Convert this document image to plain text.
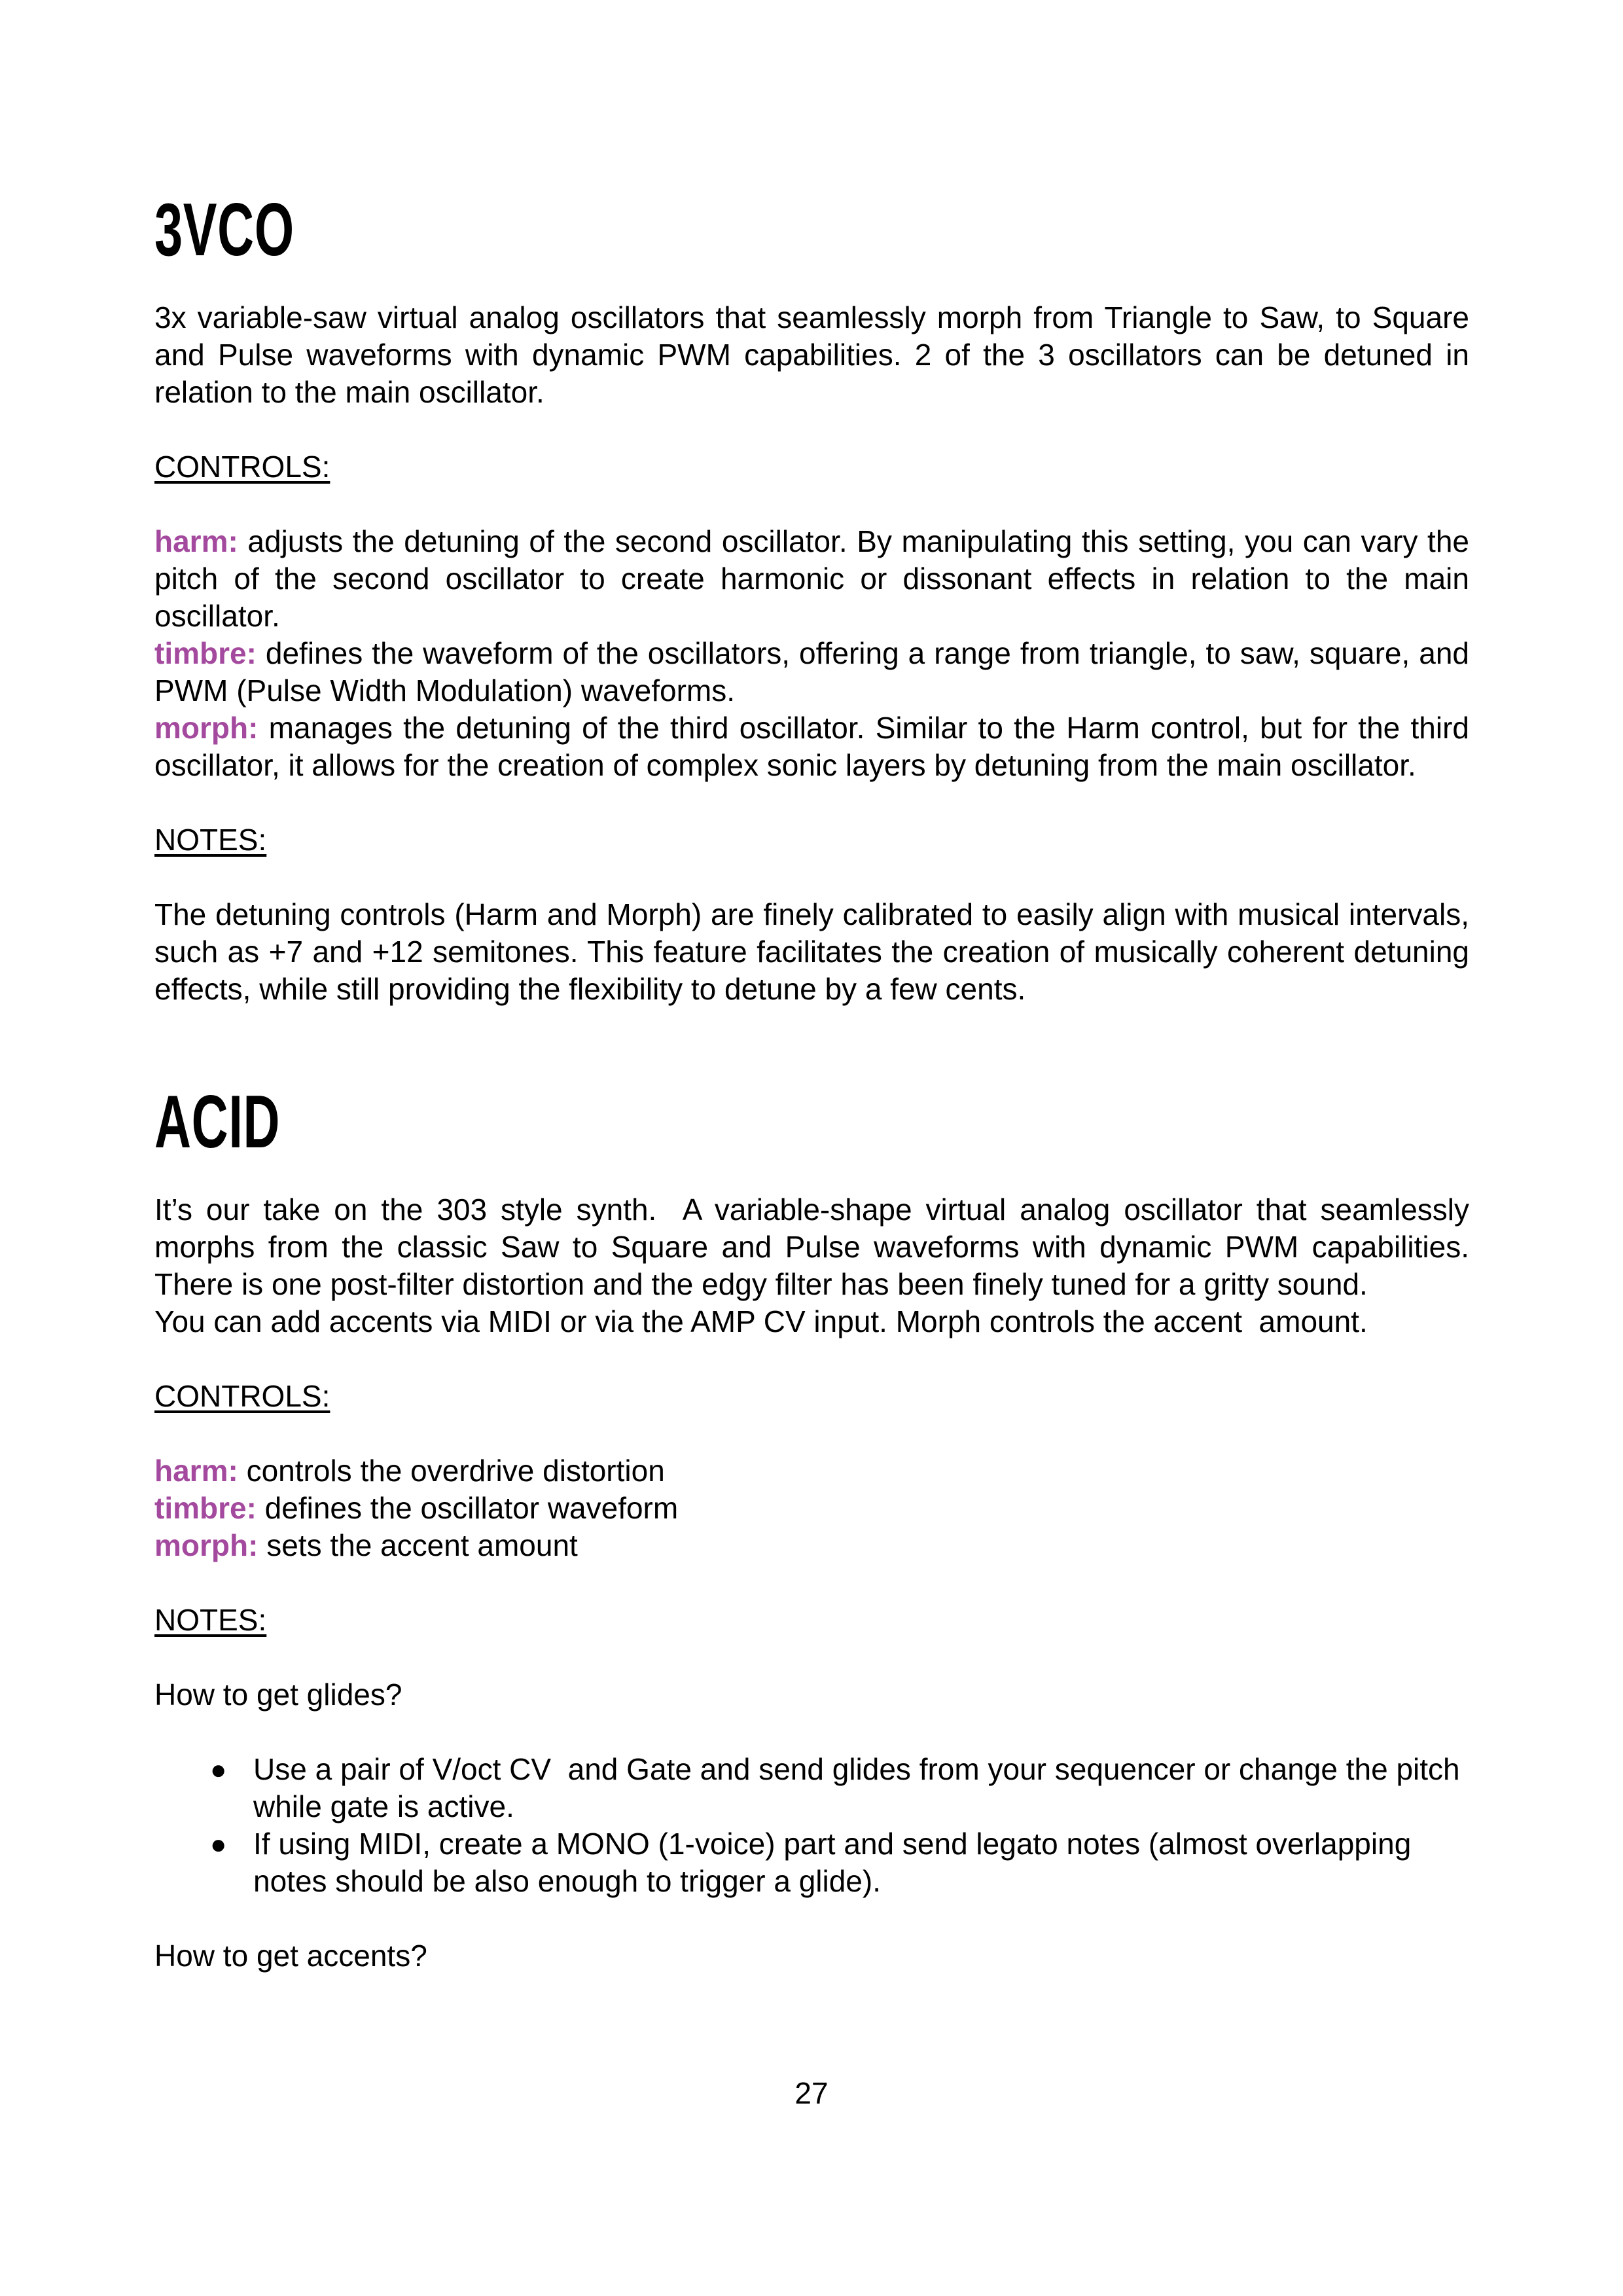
3VCO

3x variable-saw virtual analog oscillators that seamlessly morph from Triangle to Saw, to Square and Pulse waveforms with dynamic PWM capabilities. 2 of the 3 oscillators can be detuned in relation to the main oscillator.

CONTROLS:

harm: adjusts the detuning of the second oscillator. By manipulating this setting, you can vary the pitch of the second oscillator to create harmonic or dissonant effects in relation to the main oscillator.

timbre: defines the waveform of the oscillators, offering a range from triangle, to saw, square, and PWM (Pulse Width Modulation) waveforms.

morph: manages the detuning of the third oscillator. Similar to the Harm control, but for the third oscillator, it allows for the creation of complex sonic layers by detuning from the main oscillator.

NOTES:

The detuning controls (Harm and Morph) are finely calibrated to easily align with musical intervals, such as +7 and +12 semitones. This feature facilitates the creation of musically coherent detuning effects, while still providing the flexibility to detune by a few cents.

ACID

It’s our take on the 303 style synth.  A variable-shape virtual analog oscillator that seamlessly morphs from the classic Saw to Square and Pulse waveforms with dynamic PWM capabilities. There is one post-filter distortion and the edgy filter has been finely tuned for a gritty sound.
You can add accents via MIDI or via the AMP CV input. Morph controls the accent  amount.

CONTROLS:

harm: controls the overdrive distortion

timbre: defines the oscillator waveform

morph: sets the accent amount

NOTES:

How to get glides?

● Use a pair of V/oct CV  and Gate and send glides from your sequencer or change the pitch while gate is active.
● If using MIDI, create a MONO (1-voice) part and send legato notes (almost overlapping notes should be also enough to trigger a glide).

How to get accents?

27
